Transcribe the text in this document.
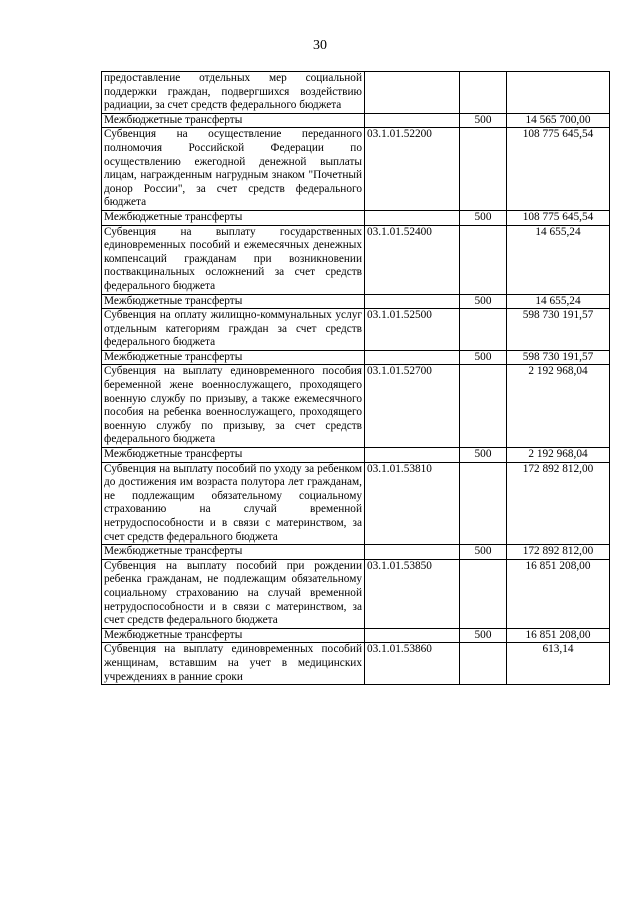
30
предоставление отдельных мер социальной поддержки граждан, подвергшихся воздействию радиации, за счет средств федерального бюджета			
Межбюджетные трансферты		500	14 565 700,00
Субвенция на осуществление переданного полномочия Российской Федерации по осуществлению ежегодной денежной выплаты лицам, награжденным нагрудным знаком "Почетный донор России", за счет средств федерального бюджета	03.1.01.52200		108 775 645,54
Межбюджетные трансферты		500	108 775 645,54
Субвенция на выплату государственных единовременных пособий и ежемесячных денежных компенсаций гражданам при возникновении поствакцинальных осложнений за счет средств федерального бюджета	03.1.01.52400		14 655,24
Межбюджетные трансферты		500	14 655,24
Субвенция на оплату жилищно-коммунальных услуг отдельным категориям граждан за счет средств федерального бюджета	03.1.01.52500		598 730 191,57
Межбюджетные трансферты		500	598 730 191,57
Субвенция на выплату единовременного пособия беременной жене военнослужащего, проходящего военную службу по призыву, а также ежемесячного пособия на ребенка военнослужащего, проходящего военную службу по призыву, за счет средств федерального бюджета	03.1.01.52700		2 192 968,04
Межбюджетные трансферты		500	2 192 968,04
Субвенция на выплату пособий по уходу за ребенком до достижения им возраста полутора лет гражданам, не подлежащим обязательному социальному страхованию на случай временной нетрудоспособности и в связи с материнством, за счет средств федерального бюджета	03.1.01.53810		172 892 812,00
Межбюджетные трансферты		500	172 892 812,00
Субвенция на выплату пособий при рождении ребенка гражданам, не подлежащим обязательному социальному страхованию на случай временной нетрудоспособности и в связи с материнством, за счет средств федерального бюджета	03.1.01.53850		16 851 208,00
Межбюджетные трансферты		500	16 851 208,00
Субвенция на выплату единовременных пособий женщинам, вставшим на учет в медицинских учреждениях в ранние сроки	03.1.01.53860		613,14
